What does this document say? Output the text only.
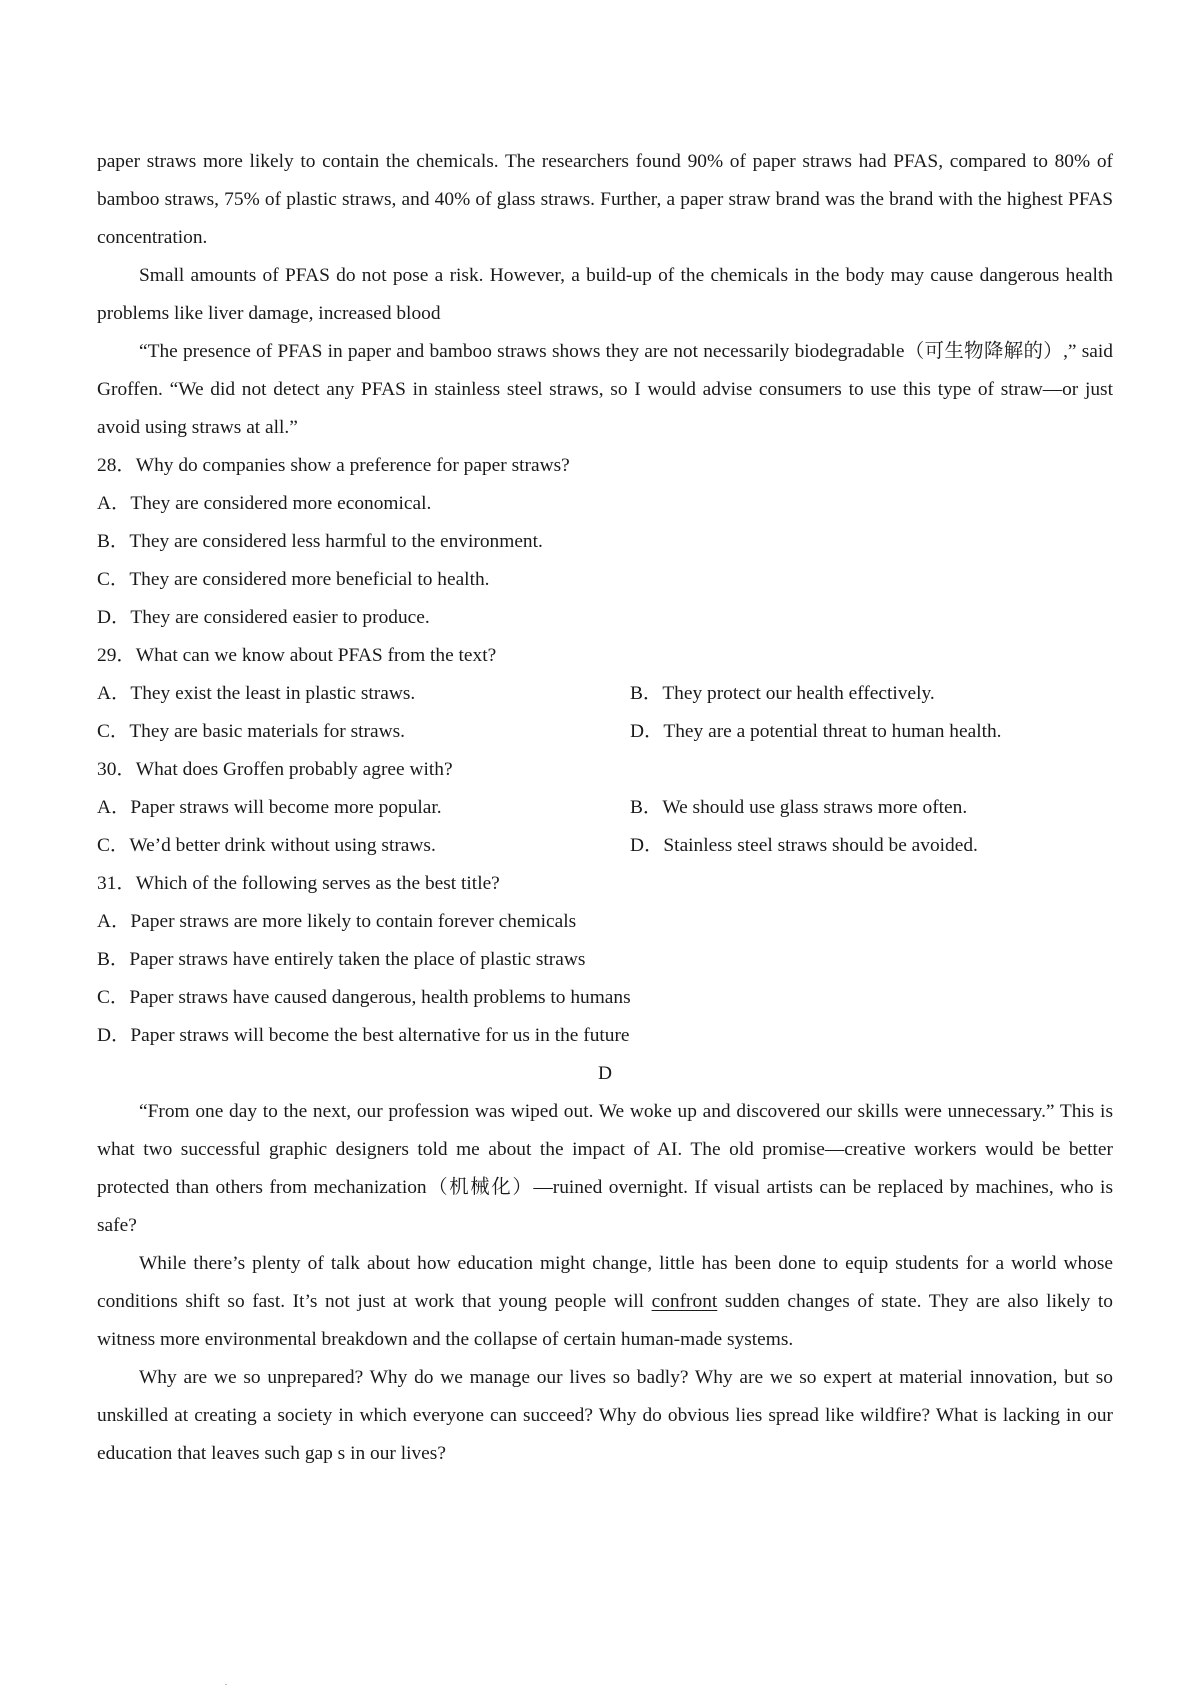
paper straws more likely to contain the chemicals. The researchers found 90% of paper straws had PFAS, compared to 80% of bamboo straws, 75% of plastic straws, and 40% of glass straws. Further, a paper straw brand was the brand with the highest PFAS concentration.

Small amounts of PFAS do not pose a risk. However, a build-up of the chemicals in the body may cause dangerous health problems like liver damage, increased blood

“The presence of PFAS in paper and bamboo straws shows they are not necessarily biodegradable（可生物降解的）,” said Groffen. “We did not detect any PFAS in stainless steel straws, so I would advise consumers to use this type of straw—or just avoid using straws at all.”

28．Why do companies show a preference for paper straws?

A．They are considered more economical.

B．They are considered less harmful to the environment.

C．They are considered more beneficial to health.

D．They are considered easier to produce.

29．What can we know about PFAS from the text?

A．They exist the least in plastic straws.	B．They protect our health effectively.
C．They are basic materials for straws.	D．They are a potential threat to human health.

30．What does Groffen probably agree with?

A．Paper straws will become more popular.	B．We should use glass straws more often.
C．We’d better drink without using straws.	D．Stainless steel straws should be avoided.

31．Which of the following serves as the best title?

A．Paper straws are more likely to contain forever chemicals

B．Paper straws have entirely taken the place of plastic straws

C．Paper straws have caused dangerous, health problems to humans

D．Paper straws will become the best alternative for us in the future

D

“From one day to the next, our profession was wiped out. We woke up and discovered our skills were unnecessary.” This is what two successful graphic designers told me about the impact of AI. The old promise—creative workers would be better protected than others from mechanization（机械化）—ruined overnight. If visual artists can be replaced by machines, who is safe?

While there’s plenty of talk about how education might change, little has been done to equip students for a world whose conditions shift so fast. It’s not just at work that young people will confront sudden changes of state. They are also likely to witness more environmental breakdown and the collapse of certain human-made systems.

Why are we so unprepared? Why do we manage our lives so badly? Why are we so expert at material innovation, but so unskilled at creating a society in which everyone can succeed? Why do obvious lies spread like wildfire? What is lacking in our education that leaves such gap s in our lives?
